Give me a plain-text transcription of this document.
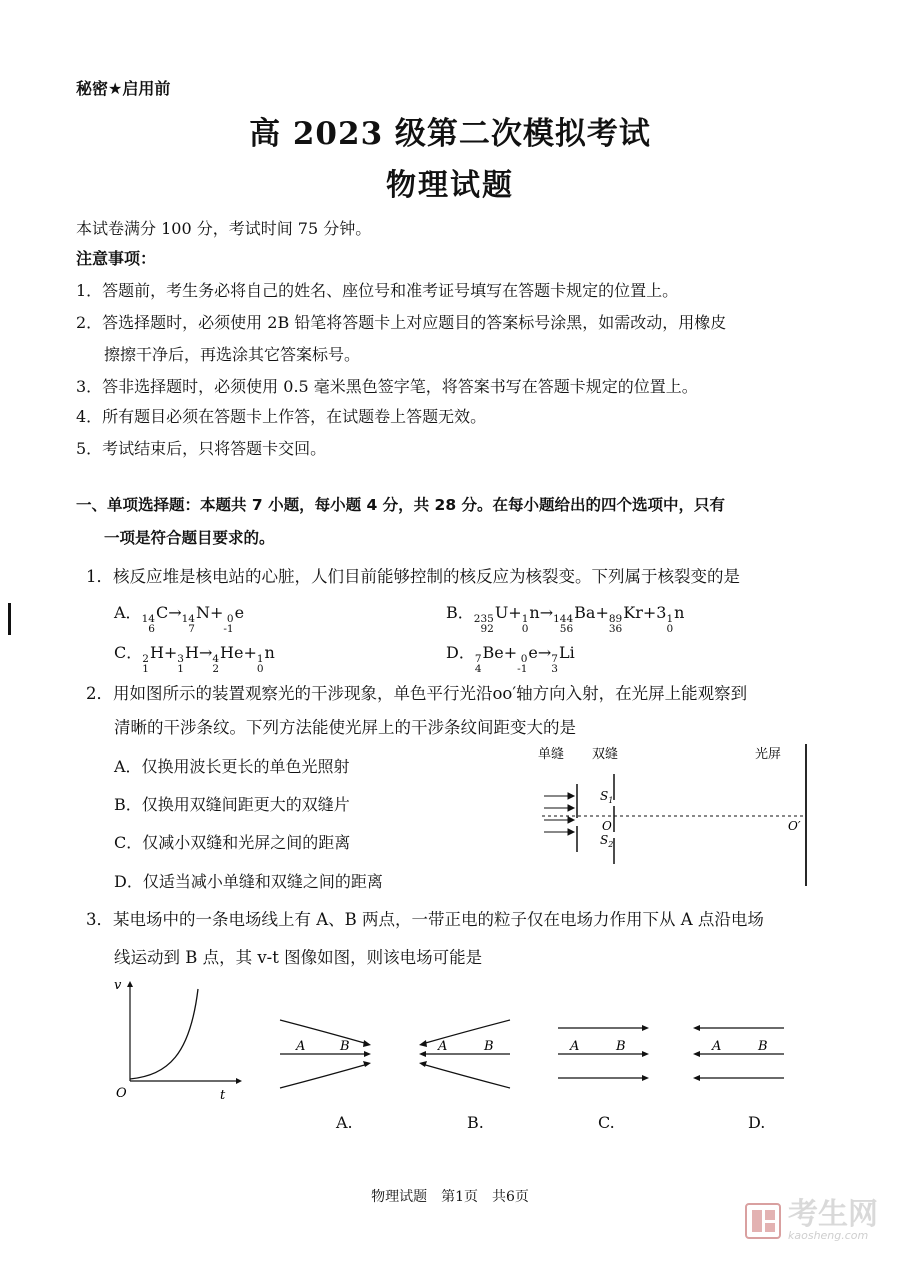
秘密★启用前
高 2023 级第二次模拟考试
物理试题
本试卷满分 100 分，考试时间 75 分钟。
注意事项：
1．答题前，考生务必将自己的姓名、座位号和准考证号填写在答题卡规定的位置上。
2．答选择题时，必须使用 2B 铅笔将答题卡上对应题目的答案标号涂黑，如需改动，用橡皮
擦擦干净后，再选涂其它答案标号。
3．答非选择题时，必须使用 0.5 毫米黑色签字笔，将答案书写在答题卡规定的位置上。
4．所有题目必须在答题卡上作答，在试题卷上答题无效。
5．考试结束后，只将答题卡交回。
一、单项选择题：本题共 7 小题，每小题 4 分，共 28 分。在每小题给出的四个选项中，只有
一项是符合题目要求的。
1．核反应堆是核电站的心脏，人们目前能够控制的核反应为核裂变。下列属于核裂变的是
A． 14
6
C→ 14
7
N+ 0
-1
e	B． 235
92
U+ 1
0
n→ 144
56
Ba+ 89
36
Kr+3 1
0
n
C． 2
1
H+ 3
1
H→ 4
2
He+ 1
0
n	D． 7
4
Be+ 0
-1
e→ 7
3
Li
2．用如图所示的装置观察光的干涉现象，单色平行光沿oo′轴方向入射，在光屏上能观察到
清晰的干涉条纹。下列方法能使光屏上的干涉条纹间距变大的是
A．仅换用波长更长的单色光照射
B．仅换用双缝间距更大的双缝片
C．仅减小双缝和光屏之间的距离
D．仅适当减小单缝和双缝之间的距离
单缝 双缝	光屏
$S_1$
O
$S_2$
O′
3．某电场中的一条电场线上有 A、B 两点，一带正电的粒子仅在电场力作用下从 A 点沿电场
线运动到 B 点，其 v-t 图像如图，则该电场可能是
v
t
O
A	B	A	B	A	B	A	B
A.	B.	C.	D.
物理试题　第1页　共6页	考生网
kaosheng.com
